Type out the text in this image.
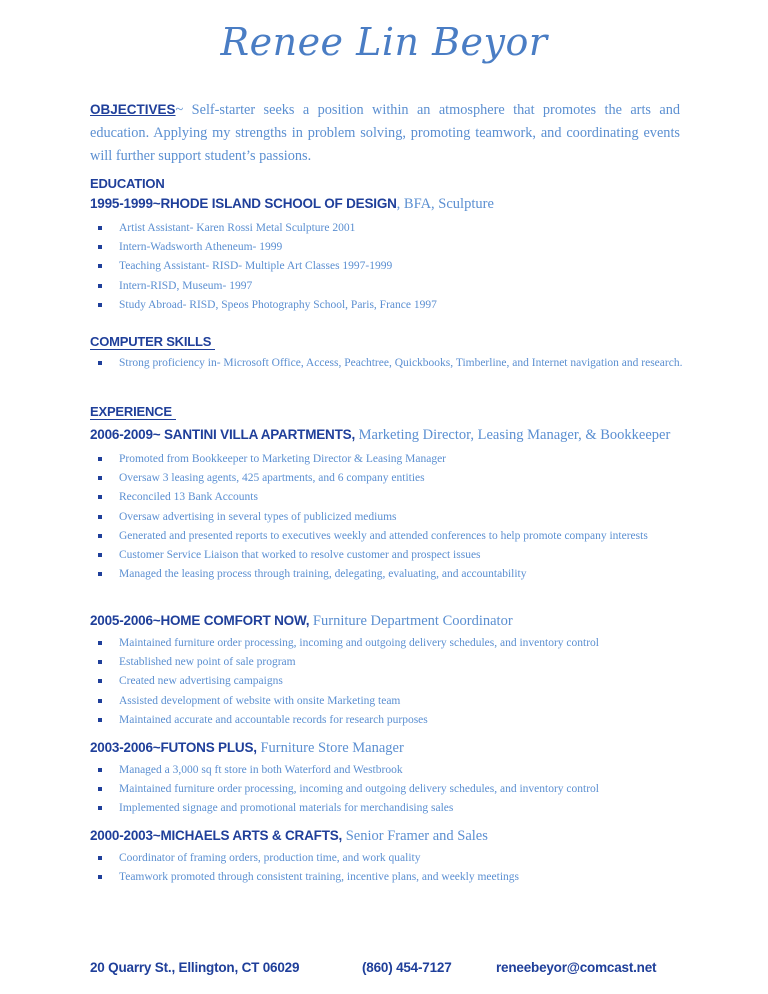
Renee Lin Beyor

OBJECTIVES~ Self-starter seeks a position within an atmosphere that promotes the arts and education. Applying my strengths in problem solving, promoting teamwork, and coordinating events will further support student’s passions.

EDUCATION

1995-1999~RHODE ISLAND SCHOOL OF DESIGN, BFA, Sculpture

Artist Assistant- Karen Rossi Metal Sculpture 2001
Intern-Wadsworth Atheneum- 1999
Teaching Assistant- RISD- Multiple Art Classes 1997-1999
Intern-RISD, Museum- 1997
Study Abroad- RISD, Speos Photography School, Paris, France 1997
COMPUTER SKILLS
Strong proficiency in- Microsoft Office, Access, Peachtree, Quickbooks, Timberline, and Internet navigation and research.
EXPERIENCE

2006-2009~ SANTINI VILLA APARTMENTS, Marketing Director, Leasing Manager, & Bookkeeper

Promoted from Bookkeeper to Marketing Director & Leasing Manager
Oversaw 3 leasing agents, 425 apartments, and 6 company entities
Reconciled 13 Bank Accounts
Oversaw advertising in several types of publicized mediums
Generated and presented reports to executives weekly and attended conferences to help promote company interests
Customer Service Liaison that worked to resolve customer and prospect issues
Managed the leasing process through training, delegating, evaluating, and accountability

2005-2006~HOME COMFORT NOW, Furniture Department Coordinator

Maintained furniture order processing, incoming and outgoing delivery schedules, and inventory control
Established new point of sale program
Created new advertising campaigns
Assisted development of website with onsite Marketing team
Maintained accurate and accountable records for research purposes

2003-2006~FUTONS PLUS, Furniture Store Manager

Managed a 3,000 sq ft store in both Waterford and Westbrook
Maintained furniture order processing, incoming and outgoing delivery schedules, and inventory control
Implemented signage and promotional materials for merchandising sales

2000-2003~MICHAELS ARTS & CRAFTS, Senior Framer and Sales

Coordinator of framing orders, production time, and work quality
Teamwork promoted through consistent training, incentive plans, and weekly meetings
20 Quarry St., Ellington, CT 06029	(860) 454-7127	reneebeyor@comcast.net
